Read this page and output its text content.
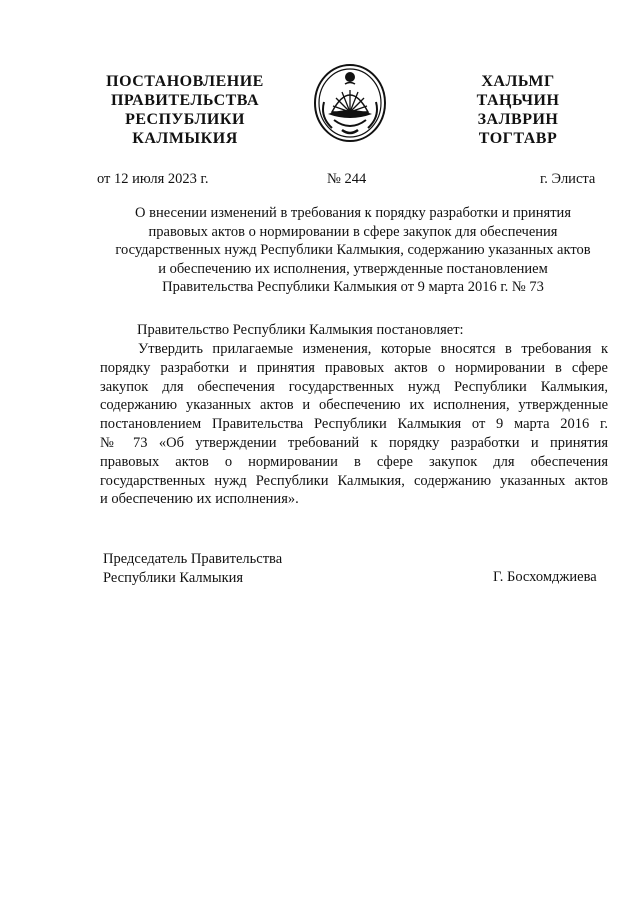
ПОСТАНОВЛЕНИЕ
ПРАВИТЕЛЬСТВА
РЕСПУБЛИКИ
КАЛМЫКИЯ
ХАЛЬМГ
ТАҢЬЧИН
ЗАЛВРИН
ТОГТАВР
от 12 июля 2023 г.	№ 244	г. Элиста
О внесении изменений в требования к порядку разработки и принятия
правовых актов о нормировании в сфере закупок для обеспечения
государственных нужд Республики Калмыкия, содержанию указанных актов
и обеспечению их исполнения, утвержденные постановлением
Правительства Республики Калмыкия от 9 марта 2016 г. № 73
Правительство Республики Калмыкия постановляет:
Утвердить прилагаемые изменения, которые вносятся в требования к
порядку разработки и принятия правовых актов о нормировании в сфере
закупок для обеспечения государственных нужд Республики Калмыкия,
содержанию указанных актов и обеспечению их исполнения, утвержденные
постановлением Правительства Республики Калмыкия от 9 марта 2016 г.
№ 73 «Об утверждении требований к порядку разработки и принятия
правовых актов о нормировании в сфере закупок для обеспечения
государственных нужд Республики Калмыкия, содержанию указанных актов
и обеспечению их исполнения».
Председатель Правительства
Республики Калмыкия	Г. Босхомджиева
